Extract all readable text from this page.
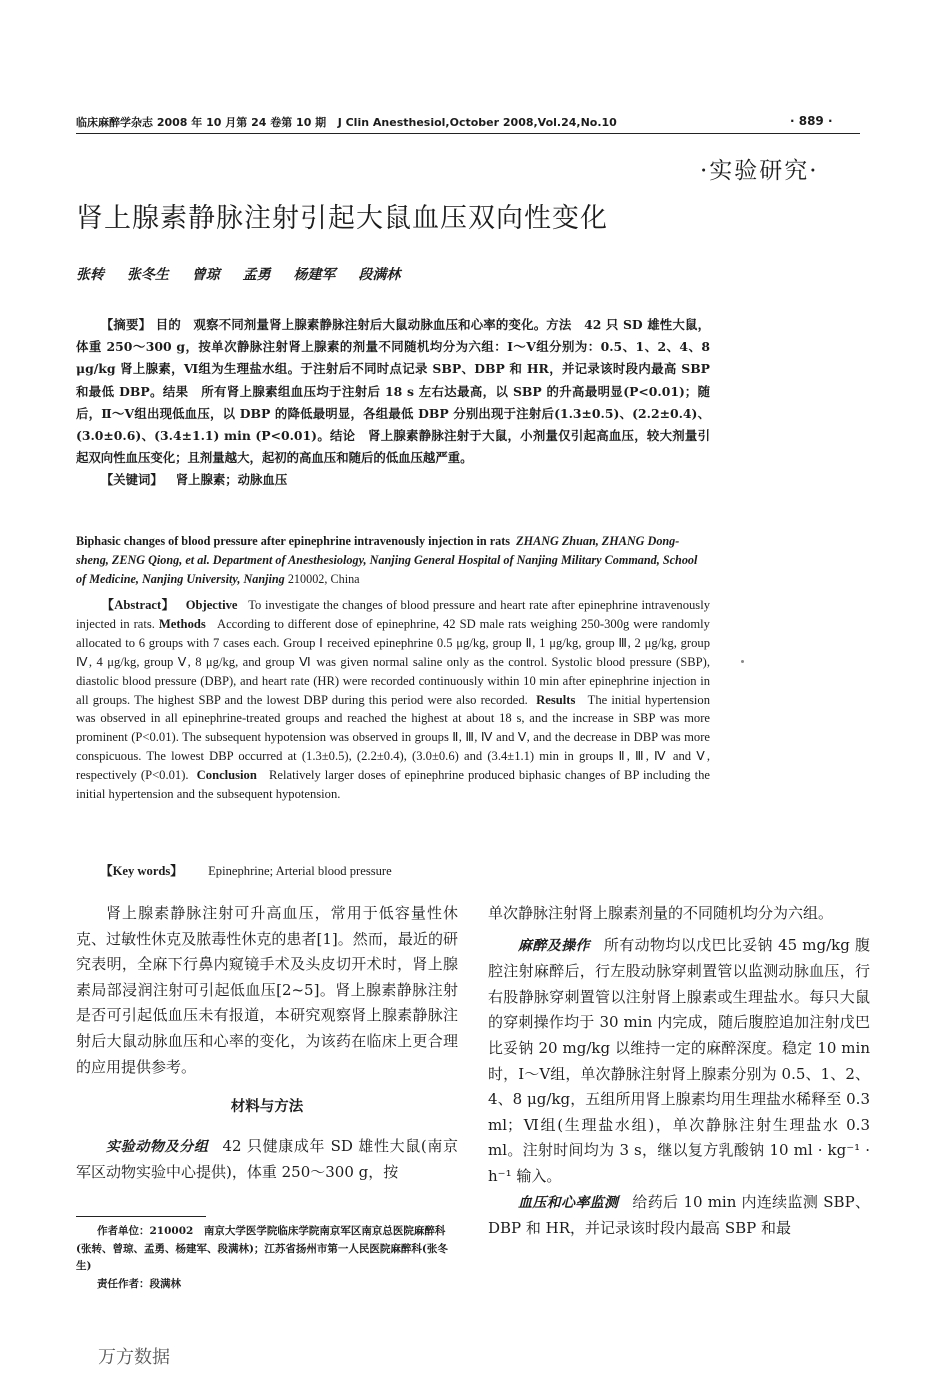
临床麻醉学杂志 2008 年 10 月第 24 卷第 10 期 J Clin Anesthesiol,October 2008,Vol.24,No.10	· 889 ·
·实验研究·
肾上腺素静脉注射引起大鼠血压双向性变化
张转 张冬生 曾琼 孟勇 杨建军 段满林

【摘要】 目的　观察不同剂量肾上腺素静脉注射后大鼠动脉血压和心率的变化。方法　42 只 SD 雄性大鼠，体重 250～300 g，按单次静脉注射肾上腺素的剂量不同随机均分为六组：Ⅰ～Ⅴ组分别为：0.5、1、2、4、8 μg/kg 肾上腺素，Ⅵ组为生理盐水组。于注射后不同时点记录 SBP、DBP 和 HR，并记录该时段内最高 SBP 和最低 DBP。结果　所有肾上腺素组血压均于注射后 18 s 左右达最高，以 SBP 的升高最明显(P<0.01)；随后，Ⅱ～Ⅴ组出现低血压，以 DBP 的降低最明显，各组最低 DBP 分别出现于注射后(1.3±0.5)、(2.2±0.4)、(3.0±0.6)、(3.4±1.1) min (P<0.01)。结论　肾上腺素静脉注射于大鼠，小剂量仅引起高血压，较大剂量引起双向性血压变化；且剂量越大，起初的高血压和随后的低血压越严重。

【关键词】 肾上腺素；动脉血压

Biphasic changes of blood pressure after epinephrine intravenously injection in rats ZHANG Zhuan, ZHANG Dong-sheng, ZENG Qiong, et al. Department of Anesthesiology, Nanjing General Hospital of Nanjing Military Command, School of Medicine, Nanjing University, Nanjing 210002, China

【Abstract】 Objective To investigate the changes of blood pressure and heart rate after epinephrine intravenously injected in rats. Methods According to different dose of epinephrine, 42 SD male rats weighing 250-300g were randomly allocated to 6 groups with 7 cases each. Group Ⅰ received epinephrine 0.5 μg/kg, group Ⅱ, 1 μg/kg, group Ⅲ, 2 μg/kg, group Ⅳ, 4 μg/kg, group Ⅴ, 8 μg/kg, and group Ⅵ was given normal saline only as the control. Systolic blood pressure (SBP), diastolic blood pressure (DBP), and heart rate (HR) were recorded continuously within 10 min after epinephrine injection in all groups. The highest SBP and the lowest DBP during this period were also recorded. Results The initial hypertension was observed in all epinephrine-treated groups and reached the highest at about 18 s, and the increase in SBP was more prominent (P<0.01). The subsequent hypotension was observed in groups Ⅱ, Ⅲ, Ⅳ and Ⅴ, and the decrease in DBP was more conspicuous. The lowest DBP occurred at (1.3±0.5), (2.2±0.4), (3.0±0.6) and (3.4±1.1) min in groups Ⅱ, Ⅲ, Ⅳ and Ⅴ, respectively (P<0.01). Conclusion Relatively larger doses of epinephrine produced biphasic changes of BP including the initial hypertension and the subsequent hypotension.

【Key words】 Epinephrine; Arterial blood pressure

肾上腺素静脉注射可升高血压，常用于低容量性休克、过敏性休克及脓毒性休克的患者[1]。然而，最近的研究表明，全麻下行鼻内窥镜手术及头皮切开术时，肾上腺素局部浸润注射可引起低血压[2~5]。肾上腺素静脉注射是否可引起低血压未有报道，本研究观察肾上腺素静脉注射后大鼠动脉血压和心率的变化，为该药在临床上更合理的应用提供参考。

材料与方法

实验动物及分组 42 只健康成年 SD 雄性大鼠(南京军区动物实验中心提供)，体重 250～300 g，按

单次静脉注射肾上腺素剂量的不同随机均分为六组。

麻醉及操作 所有动物均以戊巴比妥钠 45 mg/kg 腹腔注射麻醉后，行左股动脉穿刺置管以监测动脉血压，行右股静脉穿刺置管以注射肾上腺素或生理盐水。每只大鼠的穿刺操作均于 30 min 内完成，随后腹腔追加注射戊巴比妥钠 20 mg/kg 以维持一定的麻醉深度。稳定 10 min 时，Ⅰ～Ⅴ组，单次静脉注射肾上腺素分别为 0.5、1、2、4、8 μg/kg，五组所用肾上腺素均用生理盐水稀释至 0.3 ml；Ⅵ组(生理盐水组)，单次静脉注射生理盐水 0.3 ml。注射时间均为 3 s，继以复方乳酸钠 10 ml · kg⁻¹ · h⁻¹ 输入。

血压和心率监测 给药后 10 min 内连续监测 SBP、DBP 和 HR，并记录该时段内最高 SBP 和最

作者单位：210002　南京大学医学院临床学院南京军区南京总医院麻醉科(张转、曾琼、孟勇、杨建军、段满林)；江苏省扬州市第一人民医院麻醉科(张冬生)

责任作者：段满林

万方数据
